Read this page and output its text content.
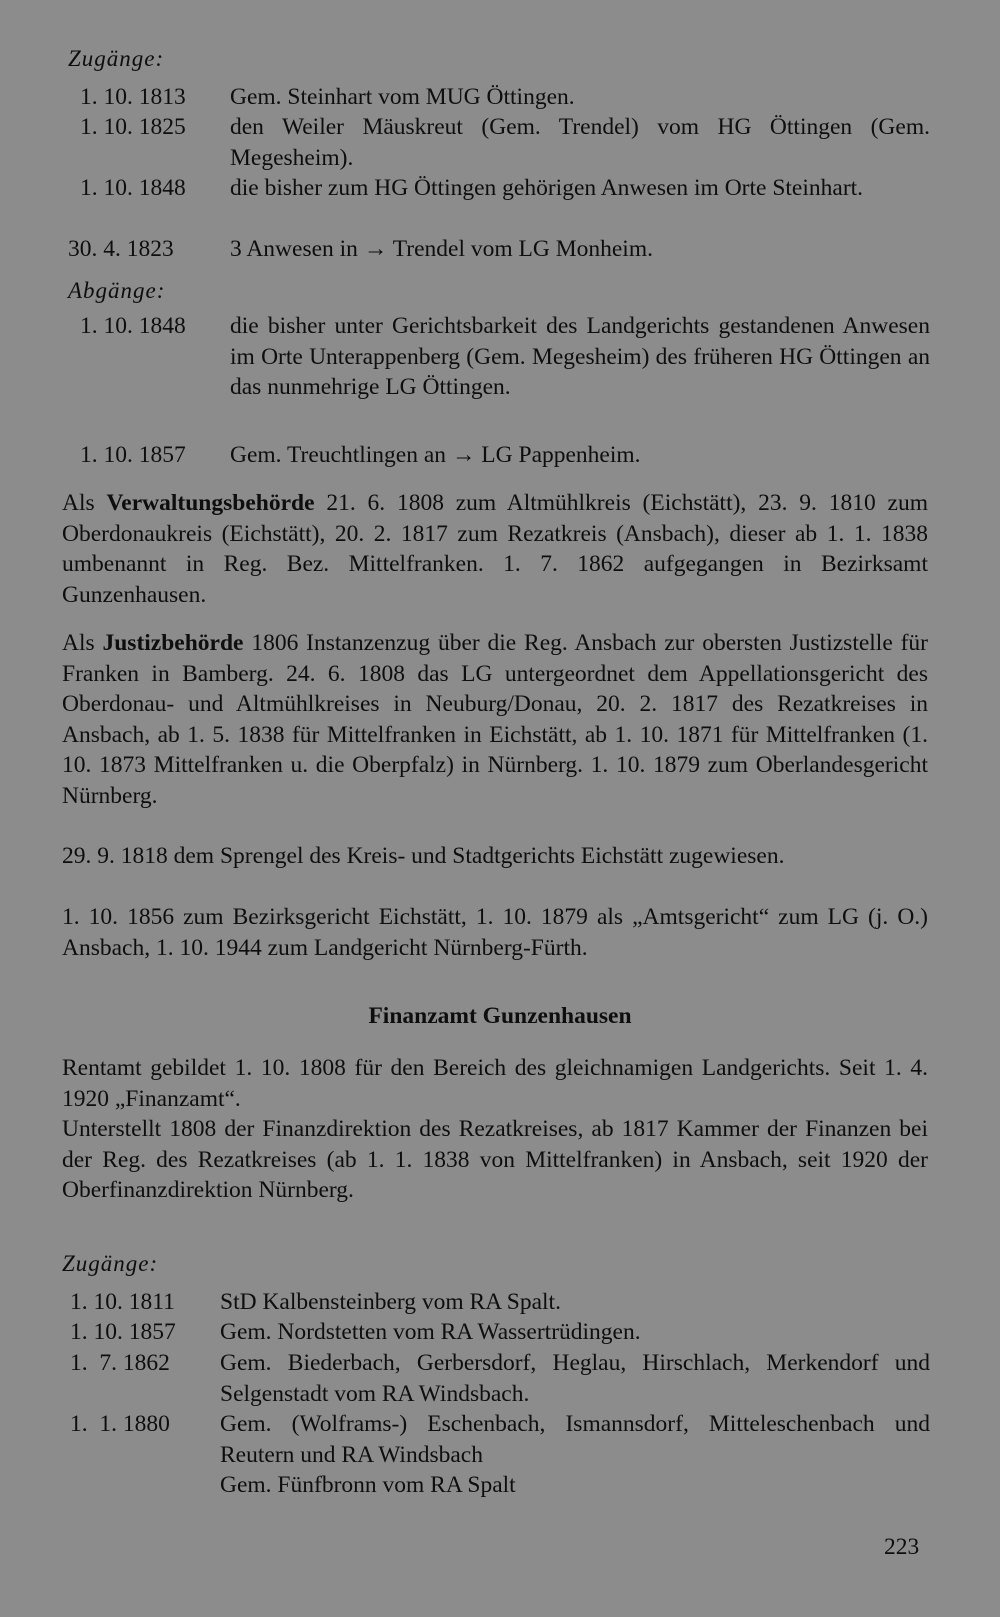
Zugänge:
1. 10. 1813	Gem. Steinhart vom MUG Öttingen.
1. 10. 1825	den Weiler Mäuskreut (Gem. Trendel) vom HG Öttingen (Gem. Megesheim).
1. 10. 1848	die bisher zum HG Öttingen gehörigen Anwesen im Orte Steinhart.
30. 4. 1823	3 Anwesen in → Trendel vom LG Monheim.
Abgänge:
1. 10. 1848	die bisher unter Gerichtsbarkeit des Landgerichts gestandenen Anwesen im Orte Unterappenberg (Gem. Megesheim) des früheren HG Öttingen an das nunmehrige LG Öttingen.
1. 10. 1857	Gem. Treuchtlingen an → LG Pappenheim.
Als Verwaltungsbehörde 21. 6. 1808 zum Altmühlkreis (Eichstätt), 23. 9. 1810 zum Oberdonaukreis (Eichstätt), 20. 2. 1817 zum Rezatkreis (Ansbach), dieser ab 1. 1. 1838 umbenannt in Reg. Bez. Mittelfranken. 1. 7. 1862 aufgegangen in Bezirksamt Gunzenhausen.
Als Justizbehörde 1806 Instanzenzug über die Reg. Ansbach zur obersten Justizstelle für Franken in Bamberg. 24. 6. 1808 das LG untergeordnet dem Appellationsgericht des Oberdonau- und Altmühlkreises in Neuburg/Donau, 20. 2. 1817 des Rezatkreises in Ansbach, ab 1. 5. 1838 für Mittelfranken in Eichstätt, ab 1. 10. 1871 für Mittelfranken (1. 10. 1873 Mittelfranken u. die Oberpfalz) in Nürnberg. 1. 10. 1879 zum Oberlandesgericht Nürnberg.
29. 9. 1818 dem Sprengel des Kreis- und Stadtgerichts Eichstätt zugewiesen.
1. 10. 1856 zum Bezirksgericht Eichstätt, 1. 10. 1879 als „Amtsgericht“ zum LG (j. O.) Ansbach, 1. 10. 1944 zum Landgericht Nürnberg-Fürth.
Finanzamt Gunzenhausen
Rentamt gebildet 1. 10. 1808 für den Bereich des gleichnamigen Landgerichts. Seit 1. 4. 1920 „Finanzamt“.
Unterstellt 1808 der Finanzdirektion des Rezatkreises, ab 1817 Kammer der Finanzen bei der Reg. des Rezatkreises (ab 1. 1. 1838 von Mittelfranken) in Ansbach, seit 1920 der Oberfinanzdirektion Nürnberg.
Zugänge:
1. 10. 1811	StD Kalbensteinberg vom RA Spalt.
1. 10. 1857	Gem. Nordstetten vom RA Wassertrüdingen.
1.  7. 1862	Gem. Biederbach, Gerbersdorf, Heglau, Hirschlach, Merkendorf und Selgenstadt vom RA Windsbach.
1.  1. 1880	Gem. (Wolframs-) Eschenbach, Ismannsdorf, Mitteleschenbach und Reutern und RA Windsbach
Gem. Fünfbronn vom RA Spalt
223
